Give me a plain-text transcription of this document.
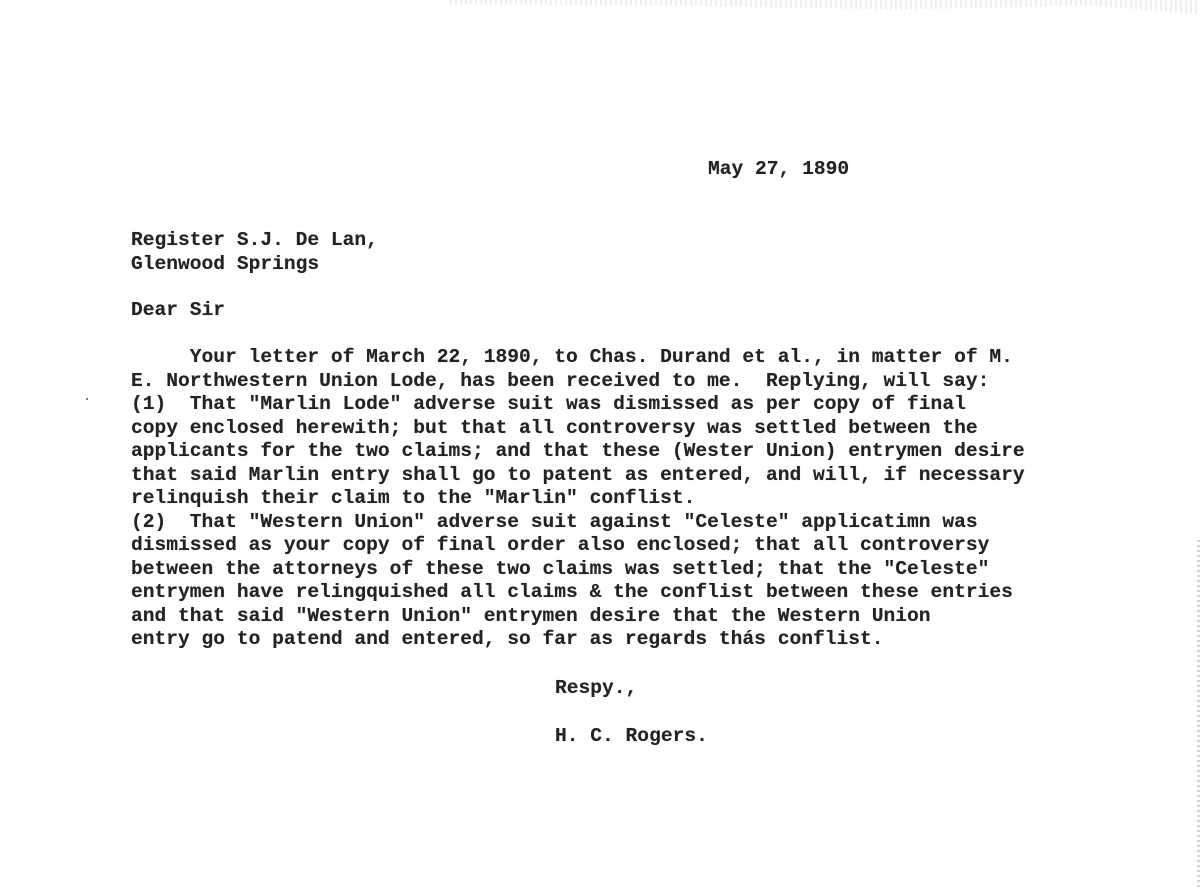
May 27, 1890
Register S.J. De Lan,
Glenwood Springs
Dear Sir

Your letter of March 22, 1890, to Chas. Durand et al., in matter of M.

E. Northwestern Union Lode, has been received to me.  Replying, will say:

(1)  That "Marlin Lode" adverse suit was dismissed as per copy of final

copy enclosed herewith; but that all controversy was settled between the

applicants for the two claims; and that these (Wester Union) entrymen desire

that said Marlin entry shall go to patent as entered, and will, if necessary

relinquish their claim to the "Marlin" conflist.

(2)  That "Western Union" adverse suit against "Celeste" applicatimn was

dismissed as your copy of final order also enclosed; that all controversy

between the attorneys of these two claims was settled; that the "Celeste"

entrymen have relingquished all claims & the conflist between these entries

and that said "Western Union" entrymen desire that the Western Union

entry go to patend and entered, so far as regards thás conflist.

Respy.,
H. C. Rogers.
